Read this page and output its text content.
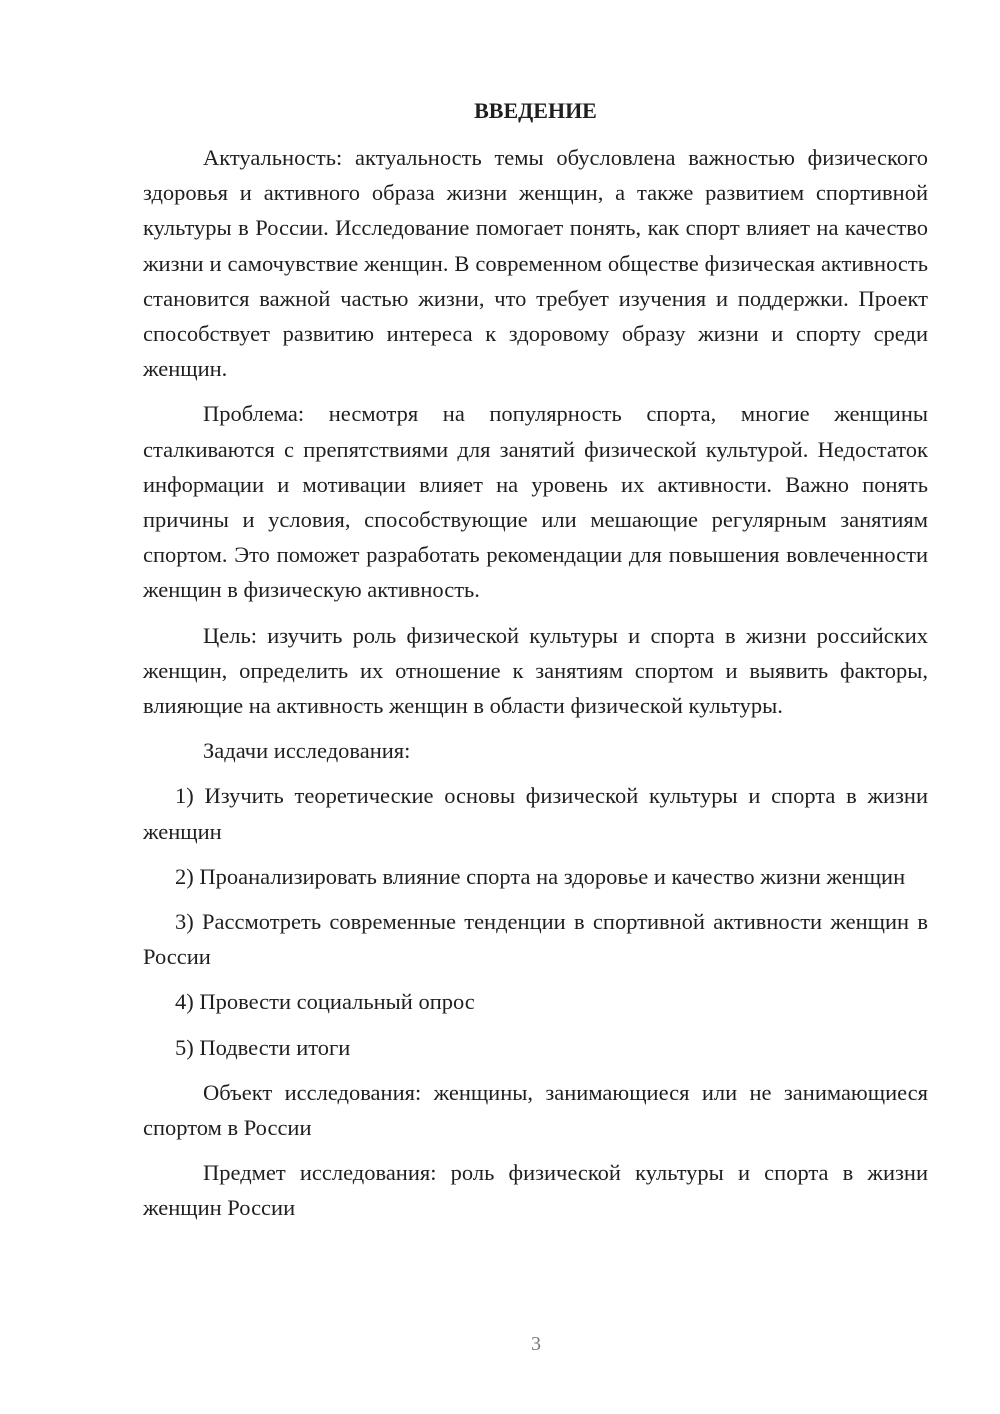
ВВЕДЕНИЕ

Актуальность: актуальность темы обусловлена важностью физического здоровья и активного образа жизни женщин, а также развитием спортивной культуры в России. Исследование помогает понять, как спорт влияет на качество жизни и самочувствие женщин. В современном обществе физическая активность становится важной частью жизни, что требует изучения и поддержки. Проект способствует развитию интереса к здоровому образу жизни и спорту среди женщин.

Проблема: несмотря на популярность спорта, многие женщины сталкиваются с препятствиями для занятий физической культурой. Недостаток информации и мотивации влияет на уровень их активности. Важно понять причины и условия, способствующие или мешающие регулярным занятиям спортом. Это поможет разработать рекомендации для повышения вовлеченности женщин в физическую активность.

Цель: изучить роль физической культуры и спорта в жизни российских женщин, определить их отношение к занятиям спортом и выявить факторы, влияющие на активность женщин в области физической культуры.

Задачи исследования:

1) Изучить теоретические основы физической культуры и спорта в жизни женщин

2) Проанализировать влияние спорта на здоровье и качество жизни женщин

3) Рассмотреть современные тенденции в спортивной активности женщин в России

4) Провести социальный опрос

5) Подвести итоги

Объект исследования: женщины, занимающиеся или не занимающиеся спортом в России

Предмет исследования: роль физической культуры и спорта в жизни женщин России

3
